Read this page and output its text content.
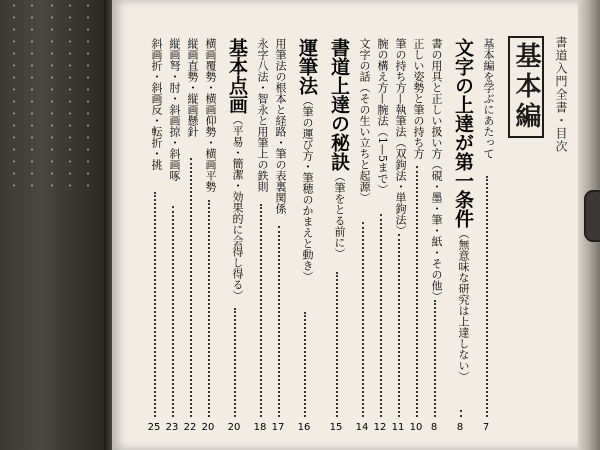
・・・・・・・・・・・・・・・・ ・・・・・・・・・・・・・・・・ ・・・・・・・・・・・・・・・・ ・・・・・・・・・・・・・・・・ ・・・・・・・・・・・・・・・・	書道入門全書・目次
基本編
基本編を学ぶにあたって
7
文字の上達が第一条件（無意味な研究は上達しない）
8
書の用具と正しい扱い方（硯・墨・筆・紙・その他）
8
正しい姿勢と筆の持ち方
10
筆の持ち方—執筆法（双鉤法・単鉤法）
11
腕の構え方—腕法（1—5まで）
12
文字の話（その生い立ちと起源）
14
書道上達の秘訣（筆をとる前に）
15
運筆法（筆の運び方・筆穂のかまえと動き）
16
用筆法の根本と経路・筆の表裏関係
17
永字八法・智永と用筆上の鉄則
18
基本点画（平易・簡潔・効果的に会得し得る）
20
横画覆勢・横画仰勢・横画平勢
20
縦画直勢・縦画懸針
22
縦画弩・肘・斜画掠・斜画啄
23
斜画折・斜画反・転折・挑
25
